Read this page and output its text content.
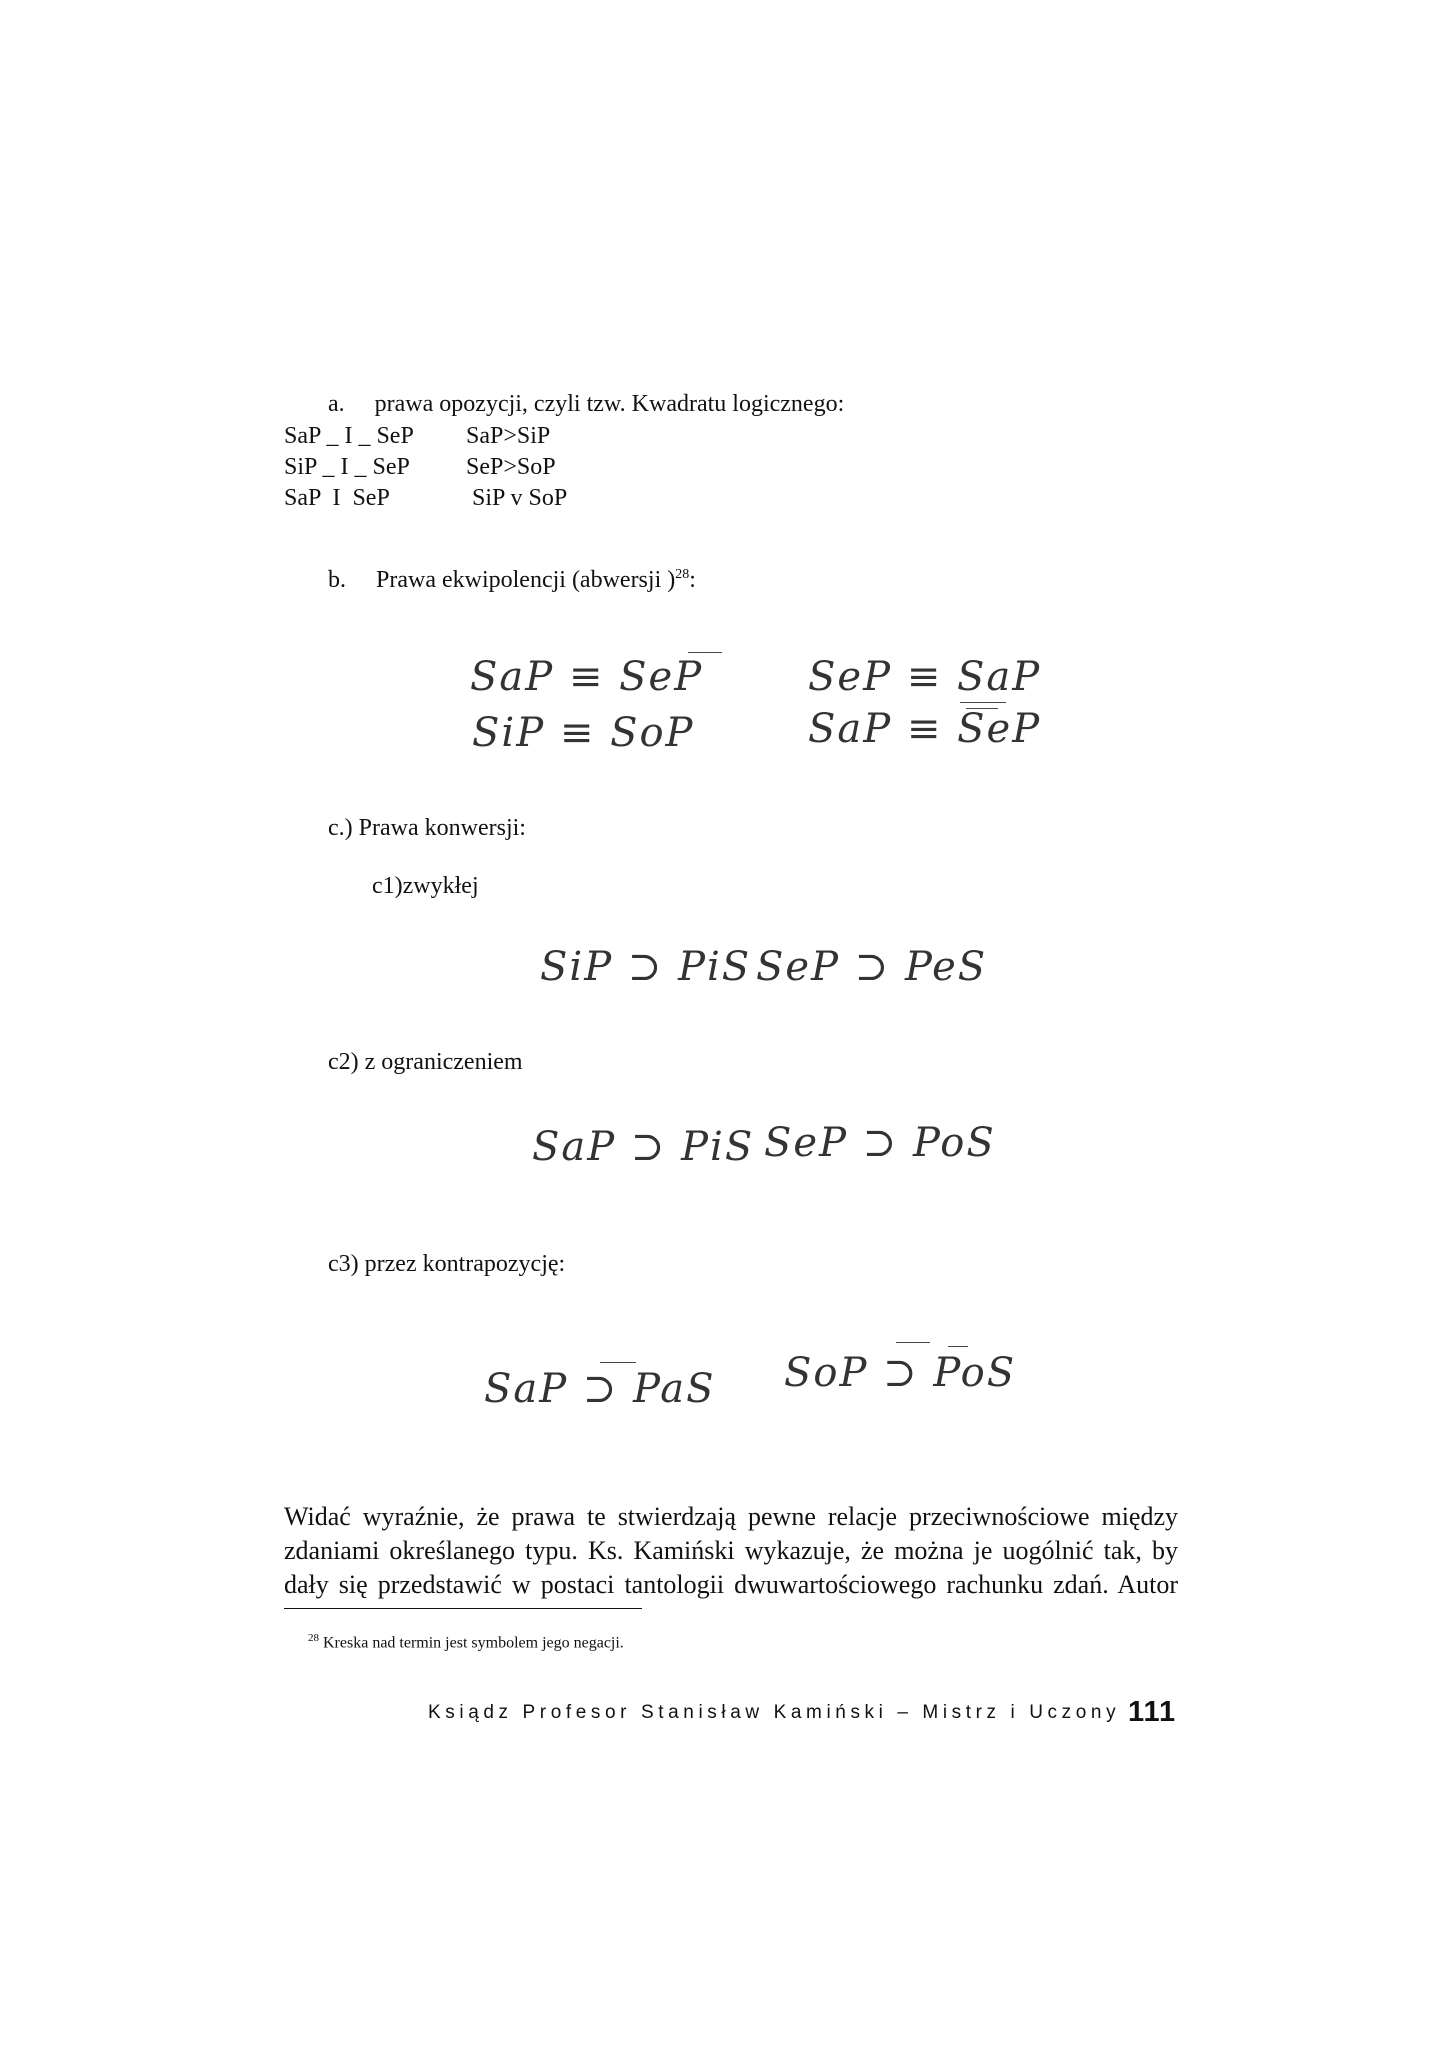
a. prawa opozycji, czyli tzw. Kwadratu logicznego:
SaP _ I _ SeP SaP>SiP
SiP _ I _ SeP SeP>SoP
SaP  I  SeP	SiP v SoP
b. Prawa ekwipolencji (abwersji )$^{28}$:
SaP ≡ SeP
SiP ≡ SoP
SeP ≡ SaP
SaP ≡ SeP
c.) Prawa konwersji:
c1)zwykłej
SiP ⊃ PiS SeP ⊃ PeS
c2) z ograniczeniem
SaP ⊃ PiS SeP ⊃ PoS
c3) przez kontrapozycję:
SaP ⊃ PaS SoP ⊃ PoS
Widać wyraźnie, że prawa te stwierdzają pewne relacje przeciwnościowe między
zdaniami określanego typu. Ks. Kamiński wykazuje, że można je uogólnić tak, by
dały się przedstawić w postaci tantologii dwuwartościowego rachunku zdań. Autor
$^{28}$ Kreska nad termin jest symbolem jego negacji.
Ksiądz Profesor Stanisław Kamiński – Mistrz i Uczony 111
